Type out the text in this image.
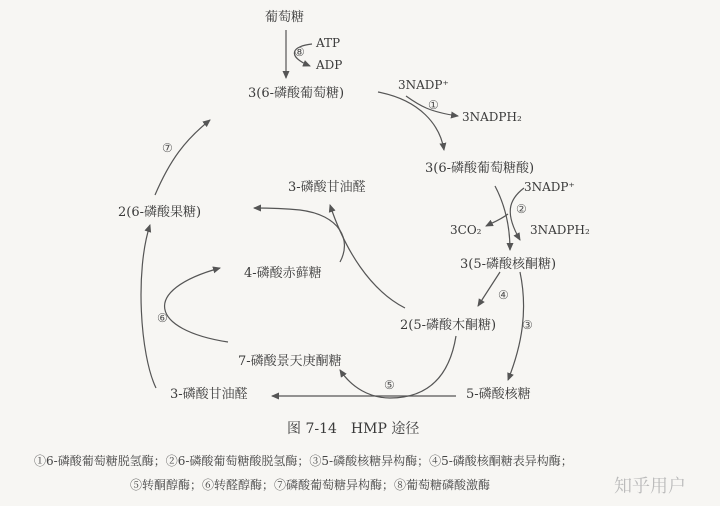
葡萄糖
3(6-磷酸葡萄糖)
3(6-磷酸葡萄糖酸)
3(5-磷酸核酮糖)
2(5-磷酸木酮糖)
5-磷酸核糖
3-磷酸甘油醛
7-磷酸景天庚酮糖
4-磷酸赤藓糖
3-磷酸甘油醛
2(6-磷酸果糖)
ATP
ADP
3NADP⁺
3NADPH₂
3NADP⁺
3CO₂	3NADPH₂
⑧
①
②
③
④
⑤
⑥
⑦
图 7-14　HMP 途径
①6-磷酸葡萄糖脱氢酶；②6-磷酸葡萄糖酸脱氢酶；③5-磷酸核糖异构酶；④5-磷酸核酮糖表异构酶；
⑤转酮醇酶；⑥转醛醇酶；⑦磷酸葡萄糖异构酶；⑧葡萄糖磷酸激酶	知乎用户
